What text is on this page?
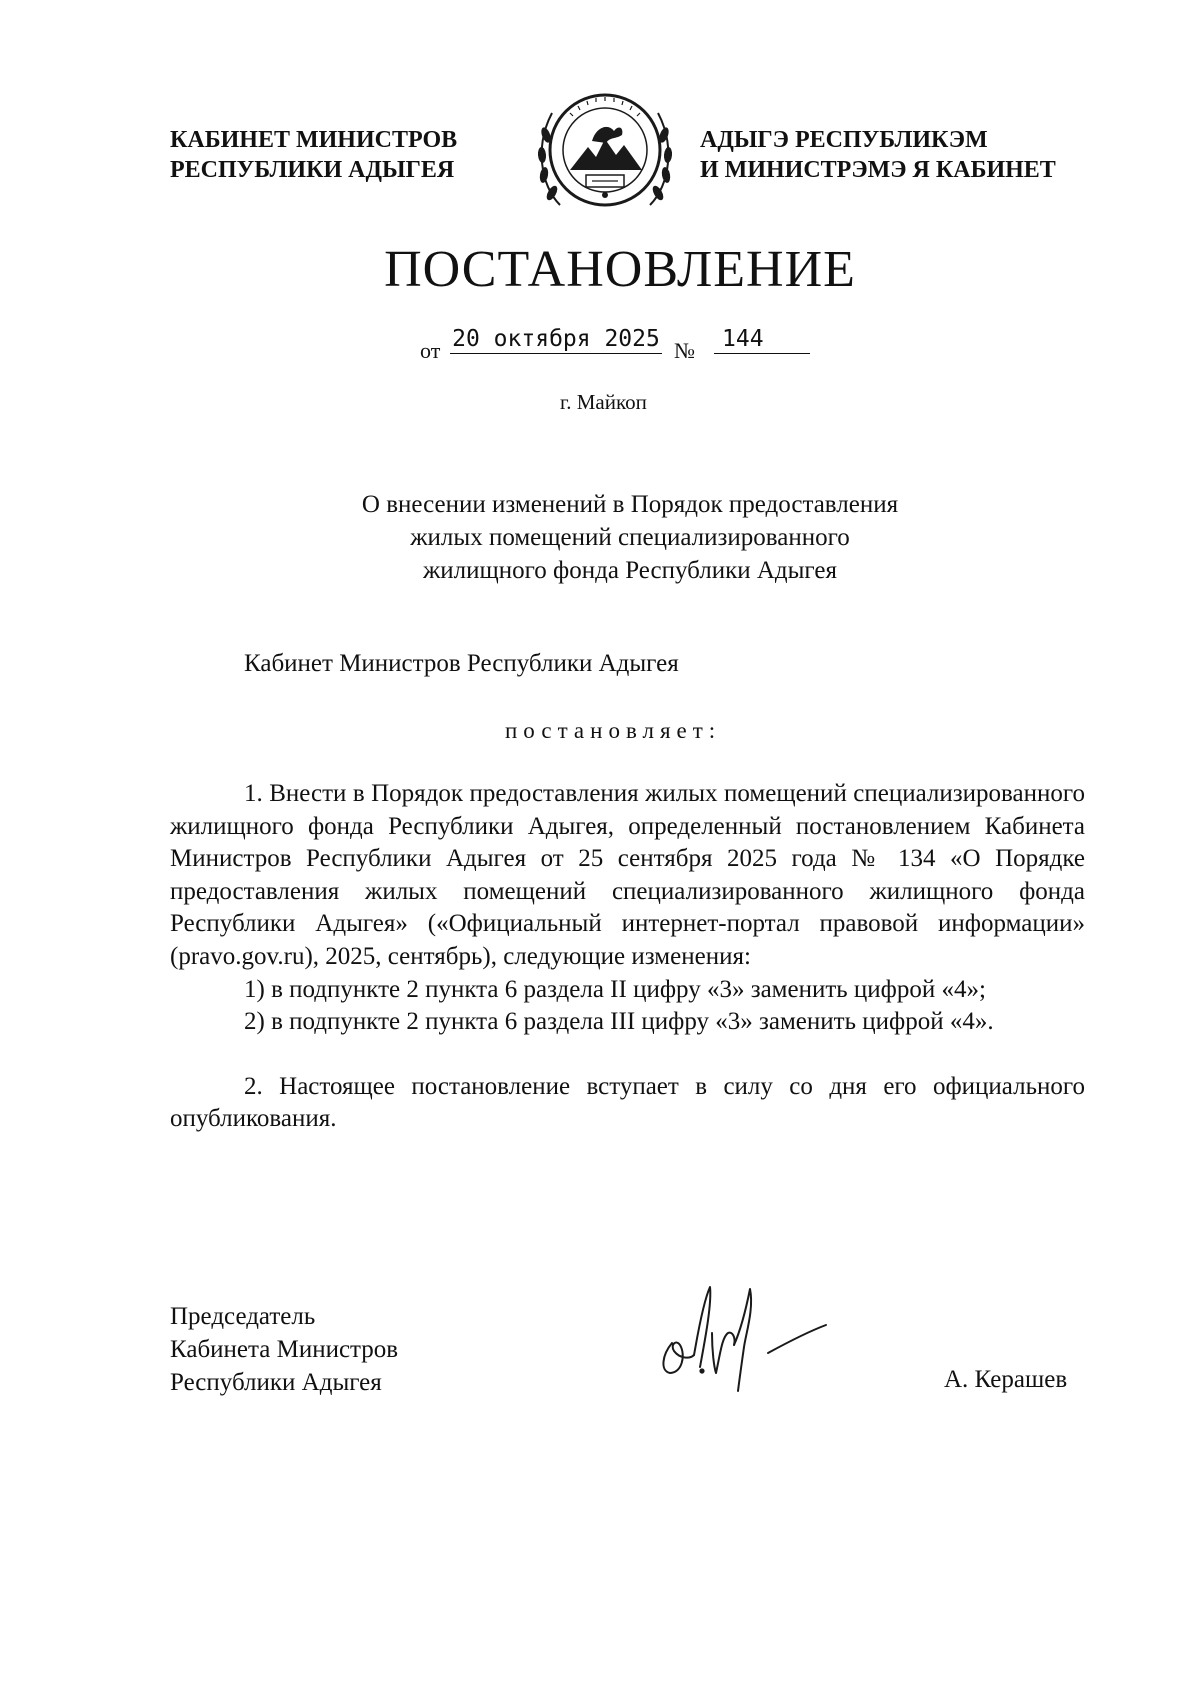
КАБИНЕТ МИНИСТРОВ
РЕСПУБЛИКИ АДЫГЕЯ
АДЫГЭ РЕСПУБЛИКЭМ
И МИНИСТРЭМЭ Я КАБИНЕТ
ПОСТАНОВЛЕНИЕ
от 20 октября 2025 №	144
г. Майкоп
О внесении изменений в Порядок предоставления
жилых помещений специализированного
жилищного фонда Республики Адыгея
Кабинет Министров Республики Адыгея
постановляет:

1. Внести в Порядок предоставления жилых помещений специализированного жилищного фонда Республики Адыгея, определенный постановлением Кабинета Министров Республики Адыгея от 25 сентября 2025 года № 134 «О Порядке предоставления жилых помещений специализированного жилищного фонда Республики Адыгея» («Официальный интернет-портал правовой информации» (pravo.gov.ru), 2025, сентябрь), следующие изменения:

1) в подпункте 2 пункта 6 раздела II цифру «3» заменить цифрой «4»;

2) в подпункте 2 пункта 6 раздела III цифру «3» заменить цифрой «4».

2. Настоящее постановление вступает в силу со дня его официального опубликования.

Председатель
Кабинета Министров
Республики Адыгея	А. Керашев
